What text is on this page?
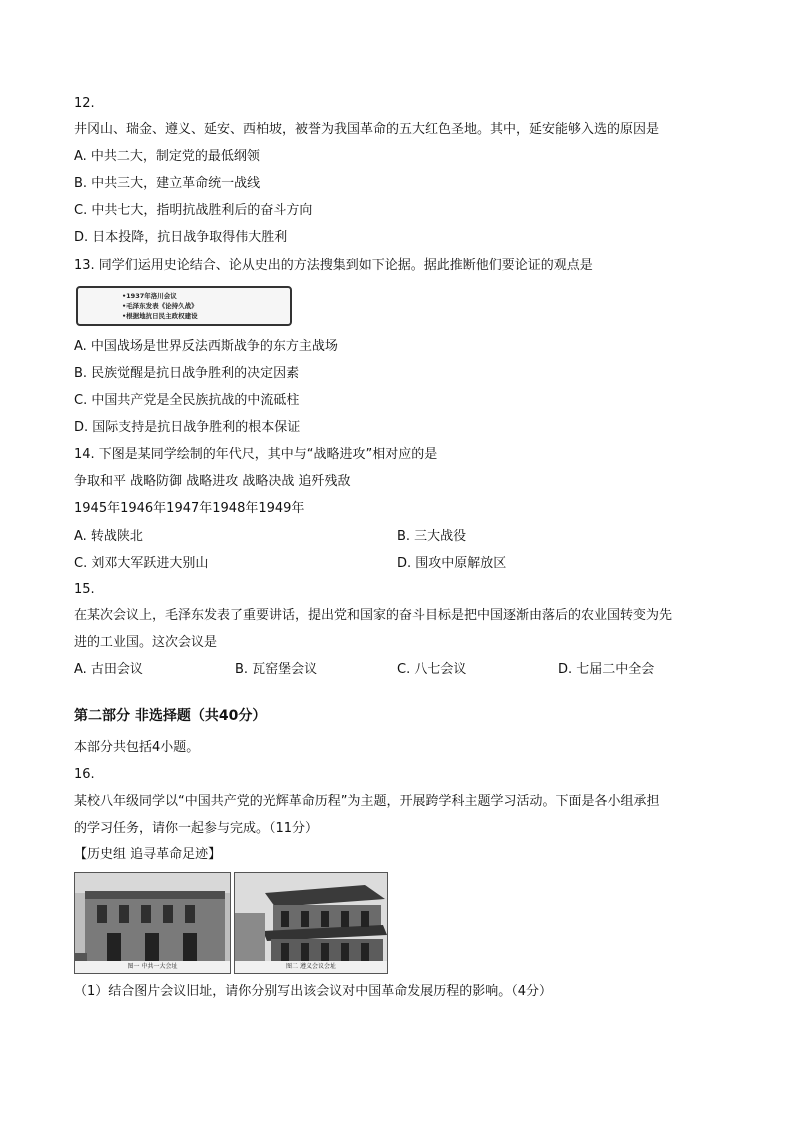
12.
井冈山、瑞金、遵义、延安、西柏坡，被誉为我国革命的五大红色圣地。其中，延安能够入选的原因是
A. 中共二大，制定党的最低纲领
B. 中共三大，建立革命统一战线
C. 中共七大，指明抗战胜利后的奋斗方向
D. 日本投降，抗日战争取得伟大胜利
13. 同学们运用史论结合、论从史出的方法搜集到如下论据。据此推断他们要论证的观点是
•1937年洛川会议
•毛泽东发表《论持久战》
•根据地抗日民主政权建设
A. 中国战场是世界反法西斯战争的东方主战场
B. 民族觉醒是抗日战争胜利的决定因素
C. 中国共产党是全民族抗战的中流砥柱
D. 国际支持是抗日战争胜利的根本保证
14. 下图是某同学绘制的年代尺，其中与“战略进攻”相对应的是
争取和平 战略防御 战略进攻 战略决战 追歼残敌
1945年1946年1947年1948年1949年
A. 转战陕北	B. 三大战役
C. 刘邓大军跃进大别山	D. 围攻中原解放区
15.
在某次会议上，毛泽东发表了重要讲话，提出党和国家的奋斗目标是把中国逐渐由落后的农业国转变为先
进的工业国。这次会议是
A. 古田会议	B. 瓦窑堡会议	C. 八七会议	D. 七届二中全会
第二部分 非选择题（共40分）
本部分共包括4小题。
16.
某校八年级同学以“中国共产党的光辉革命历程”为主题，开展跨学科主题学习活动。下面是各小组承担
的学习任务，请你一起参与完成。（11分）
【历史组 追寻革命足迹】
图一 中共一大会址	图二 遵义会议会址
（1）结合图片会议旧址，请你分别写出该会议对中国革命发展历程的影响。（4分）
